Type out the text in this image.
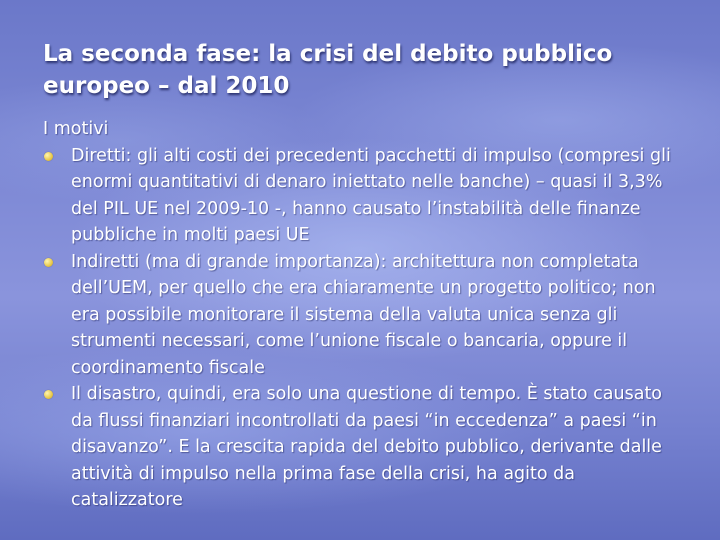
La seconda fase: la crisi del debito pubblico europeo – dal 2010

I motivi

Diretti: gli alti costi dei precedenti pacchetti di impulso (compresi gli enormi quantitativi di denaro iniettato nelle banche) – quasi il 3,3% del PIL UE nel 2009-10 -, hanno causato l’instabilità delle finanze pubbliche in molti paesi UE
Indiretti (ma di grande importanza): architettura non completata dell’UEM, per quello che era chiaramente un progetto politico; non era possibile monitorare il sistema della valuta unica senza gli strumenti necessari, come l’unione fiscale o bancaria, oppure il coordinamento fiscale
Il disastro, quindi, era solo una questione di tempo. È stato causato da flussi finanziari incontrollati da paesi “in eccedenza” a paesi “in disavanzo”. E la crescita rapida del debito pubblico, derivante dalle attività di impulso nella prima fase della crisi, ha agito da catalizzatore
